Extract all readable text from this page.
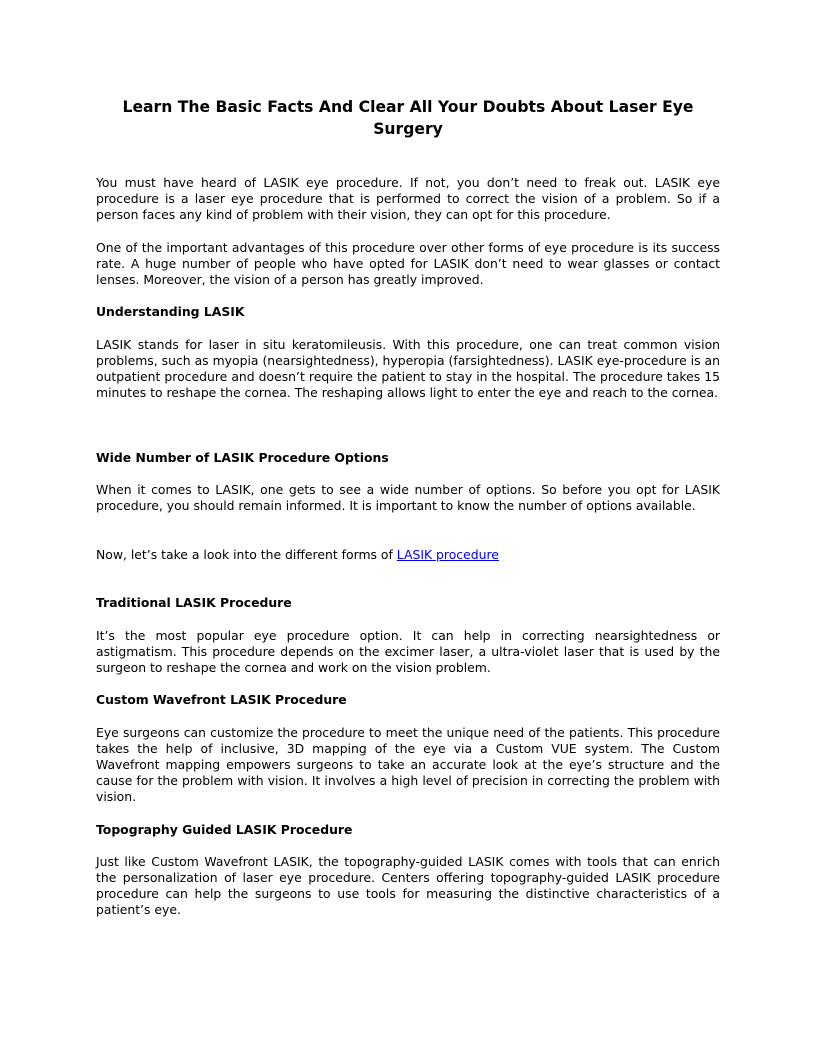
Learn The Basic Facts And Clear All Your Doubts About Laser Eye Surgery

You must have heard of LASIK eye procedure. If not, you don’t need to freak out. LASIK eye procedure is a laser eye procedure that is performed to correct the vision of a problem. So if a person faces any kind of problem with their vision, they can opt for this procedure.

One of the important advantages of this procedure over other forms of eye procedure is its success rate. A huge number of people who have opted for LASIK don’t need to wear glasses or contact lenses. Moreover, the vision of a person has greatly improved.

Understanding LASIK

LASIK stands for laser in situ keratomileusis. With this procedure, one can treat common vision problems, such as myopia (nearsightedness), hyperopia (farsightedness). LASIK eye-procedure is an outpatient procedure and doesn’t require the patient to stay in the hospital. The procedure takes 15 minutes to reshape the cornea. The reshaping allows light to enter the eye and reach to the cornea.

Wide Number of LASIK Procedure Options

When it comes to LASIK, one gets to see a wide number of options. So before you opt for LASIK procedure, you should remain informed. It is important to know the number of options available.

Now, let’s take a look into the different forms of LASIK procedure

Traditional LASIK Procedure

It’s the most popular eye procedure option. It can help in correcting nearsightedness or astigmatism. This procedure depends on the excimer laser, a ultra-violet laser that is used by the surgeon to reshape the cornea and work on the vision problem.

Custom Wavefront LASIK Procedure

Eye surgeons can customize the procedure to meet the unique need of the patients. This procedure takes the help of inclusive, 3D mapping of the eye via a Custom VUE system. The Custom Wavefront mapping empowers surgeons to take an accurate look at the eye’s structure and the cause for the problem with vision. It involves a high level of precision in correcting the problem with vision.

Topography Guided LASIK Procedure

Just like Custom Wavefront LASIK, the topography-guided LASIK comes with tools that can enrich the personalization of laser eye procedure. Centers offering topography-guided LASIK procedure procedure can help the surgeons to use tools for measuring the distinctive characteristics of a patient’s eye.
